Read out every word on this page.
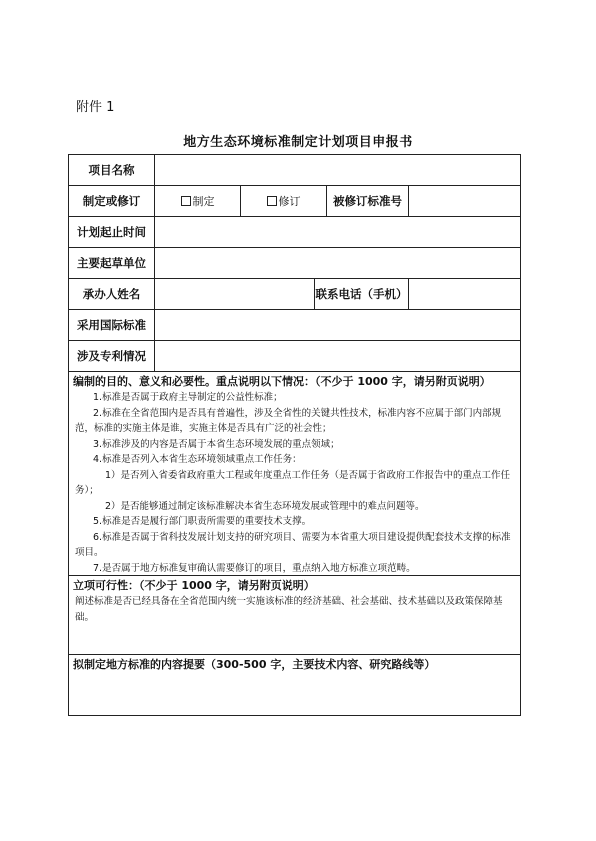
附件 1
地方生态环境标准制定计划项目申报书
项目名称
制定或修订	制定	修订	被修订标准号
计划起止时间
主要起草单位
承办人姓名	联系电话（手机）
采用国际标准
涉及专利情况
编制的目的、意义和必要性。重点说明以下情况：（不少于 1000 字，请另附页说明）

1.标准是否属于政府主导制定的公益性标准；

2.标准在全省范围内是否具有普遍性，涉及全省性的关键共性技术，标准内容不应属于部门内部规范，标准的实施主体是谁，实施主体是否具有广泛的社会性；

3.标准涉及的内容是否属于本省生态环境发展的重点领域；

4.标准是否列入本省生态环境领域重点工作任务：

1）是否列入省委省政府重大工程或年度重点工作任务（是否属于省政府工作报告中的重点工作任务）；

2）是否能够通过制定该标准解决本省生态环境发展或管理中的难点问题等。

5.标准是否是履行部门职责所需要的重要技术支撑。

6.标准是否属于省科技发展计划支持的研究项目、需要为本省重大项目建设提供配套技术支撑的标准项目。

7.是否属于地方标准复审确认需要修订的项目，重点纳入地方标准立项范畴。

立项可行性：（不少于 1000 字，请另附页说明）

阐述标准是否已经具备在全省范围内统一实施该标准的经济基础、社会基础、技术基础以及政策保障基础。

拟制定地方标准的内容提要（300-500 字，主要技术内容、研究路线等）
